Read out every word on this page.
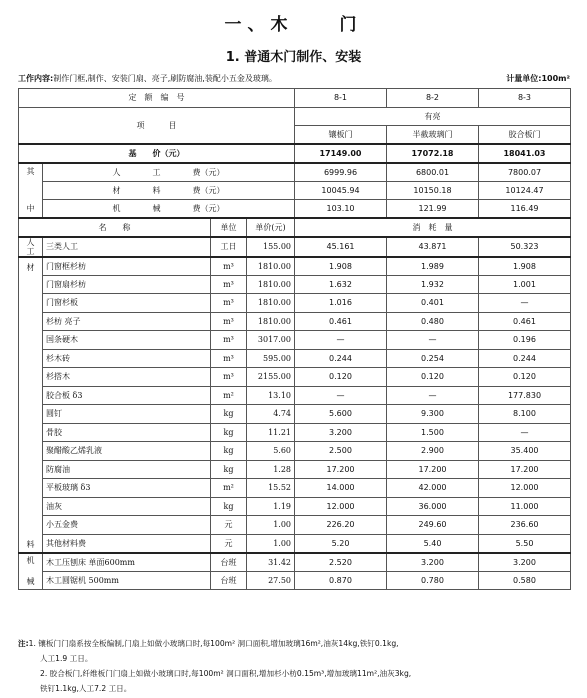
一、木　　门
1. 普通木门制作、安装
工作内容:制作门框,制作、安装门扇、亮子,刷防腐油,装配小五金及玻璃。	计量单位:100m²
定　额　编　号				8-1	8-2	8-3
项　　　目				有亮		
				镶板门	半截玻璃门	胶合板门
基　　价（元）				17149.00	17072.18	18041.03

其
中	人　　　　工　　　　费（元）			6999.96	6800.01	7800.07
	材　　　　料　　　　费（元）			10045.94	10150.18	10124.47
	机　　　　械　　　　费（元）			103.10	121.99	116.49
名　　称		单位	单价(元)	消　耗　量		
人工	三类人工	工日	155.00	45.161	43.871	50.323

材
料	门窗框杉枋	m³	1810.00	1.908	1.989	1.908
	门窗扇杉枋	m³	1810.00	1.632	1.932	1.001
	门窗杉板	m³	1810.00	1.016	0.401	—
	杉枋 亮子	m³	1810.00	0.461	0.480	0.461
	国条硬木	m³	3017.00	—	—	0.196
	杉木砖	m³	595.00	0.244	0.254	0.244
	杉搭木	m³	2155.00	0.120	0.120	0.120
	胶合板 δ3	m²	13.10	—	—	177.830
	圆钉	kg	4.74	5.600	9.300	8.100
	骨胶	kg	11.21	3.200	1.500	—
	聚醋酸乙烯乳液	kg	5.60	2.500	2.900	35.400
	防腐油	kg	1.28	17.200	17.200	17.200
	平板玻璃 δ3	m²	15.52	14.000	42.000	12.000
	油灰	kg	1.19	12.000	36.000	11.000
	小五金费	元	1.00	226.20	249.60	236.60
	其他材料费	元	1.00	5.20	5.40	5.50

机
械	木工压刨床 单面600mm	台班	31.42	2.520	3.200	3.200
	木工圆锯机 500mm	台班	27.50	0.870	0.780	0.580
注:1. 镶板门门扇系按全板编制,门扇上如做小玻璃口时,每100m² 洞口面积,增加玻璃16m²,油灰14kg,铁钉0.1kg,
人工1.9 工日。
2. 胶合板门,纤维板门门扇上如做小玻璃口时,每100m² 洞口面积,增加杉小枋0.15m³,增加玻璃11m²,油灰3kg,
铁钉1.1kg,人工7.2 工日。
